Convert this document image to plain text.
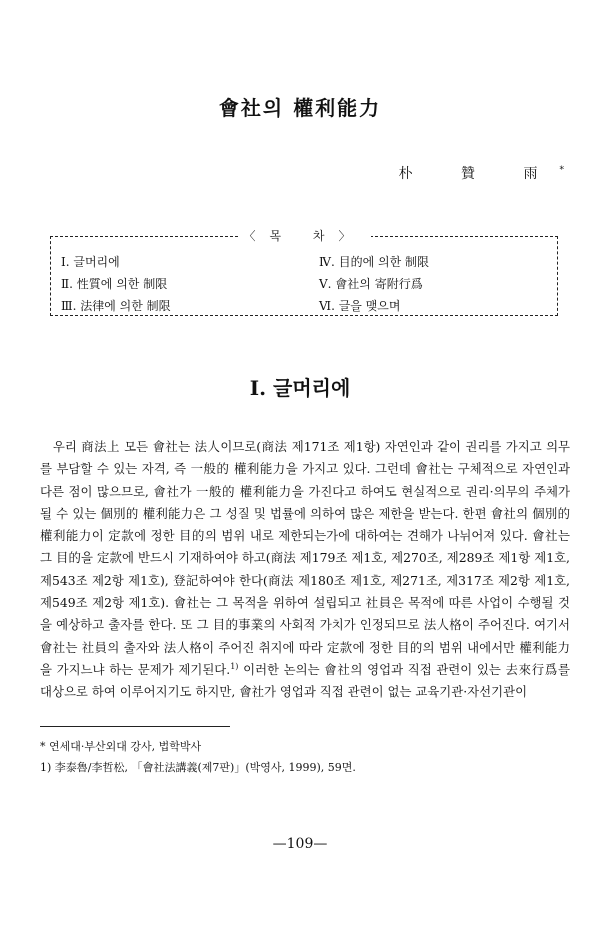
會社의 權利能力
朴 贊 雨*
〈목 차〉
Ⅰ. 글머리에
Ⅱ. 性質에 의한 制限
Ⅲ. 法律에 의한 制限
Ⅳ. 目的에 의한 制限
Ⅴ. 會社의 寄附行爲
Ⅵ. 글을 맺으며
Ⅰ. 글머리에
　우리 商法上 모든 會社는 法人이므로(商法 제171조 제1항) 자연인과 같이 권리를 가지고 의무를 부담할 수 있는 자격, 즉 一般的 權利能力을 가지고 있다. 그런데 會社는 구체적으로 자연인과 다른 점이 많으므로, 會社가 一般的 權利能力을 가진다고 하여도 현실적으로 권리·의무의 주체가 될 수 있는 個別的 權利能力은 그 성질 및 법률에 의하여 많은 제한을 받는다. 한편 會社의 個別的 權利能力이 定款에 정한 目的의 범위 내로 제한되는가에 대하여는 견해가 나뉘어져 있다. 會社는 그 目的을 定款에 반드시 기재하여야 하고(商法 제179조 제1호, 제270조, 제289조 제1항 제1호, 제543조 제2항 제1호), 登記하여야 한다(商法 제180조 제1호, 제271조, 제317조 제2항 제1호, 제549조 제2항 제1호). 會社는 그 목적을 위하여 설립되고 社員은 목적에 따른 사업이 수행될 것을 예상하고 출자를 한다. 또 그 目的事業의 사회적 가치가 인정되므로 法人格이 주어진다. 여기서 會社는 社員의 출자와 法人格이 주어진 취지에 따라 定款에 정한 目的의 범위 내에서만 權利能力을 가지느냐 하는 문제가 제기된다.$^{1)}$ 이러한 논의는 會社의 영업과 직접 관련이 있는 去來行爲를 대상으로 하여 이루어지기도 하지만, 會社가 영업과 직접 관련이 없는 교육기관·자선기관이
* 연세대·부산외대 강사, 법학박사
1) 李泰魯/李哲松, 「會社法講義(제7판)」(박영사, 1999), 59면.
—109—
